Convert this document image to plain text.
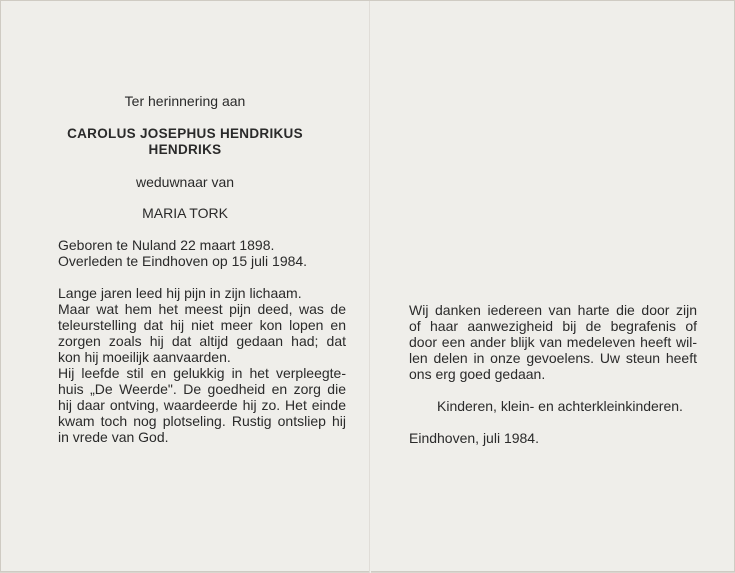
Ter herinnering aan
CAROLUS JOSEPHUS HENDRIKUS
HENDRIKS
weduwnaar van
MARIA TORK
Geboren te Nuland 22 maart 1898.
Overleden te Eindhoven op 15 juli 1984.
Lange jaren leed hij pijn in zijn lichaam.
Maar wat hem het meest pijn deed, was de
teleurstelling dat hij niet meer kon lopen en
zorgen zoals hij dat altijd gedaan had; dat
kon hij moeilijk aanvaarden.
Hij leefde stil en gelukkig in het verpleegte-
huis „De Weerde". De goedheid en zorg die
hij daar ontving, waardeerde hij zo. Het einde
kwam toch nog plotseling. Rustig ontsliep hij
in vrede van God.
Wij danken iedereen van harte die door zijn
of haar aanwezigheid bij de begrafenis of
door een ander blijk van medeleven heeft wil-
len delen in onze gevoelens. Uw steun heeft
ons erg goed gedaan.
Kinderen, klein- en achterkleinkinderen.
Eindhoven, juli 1984.
